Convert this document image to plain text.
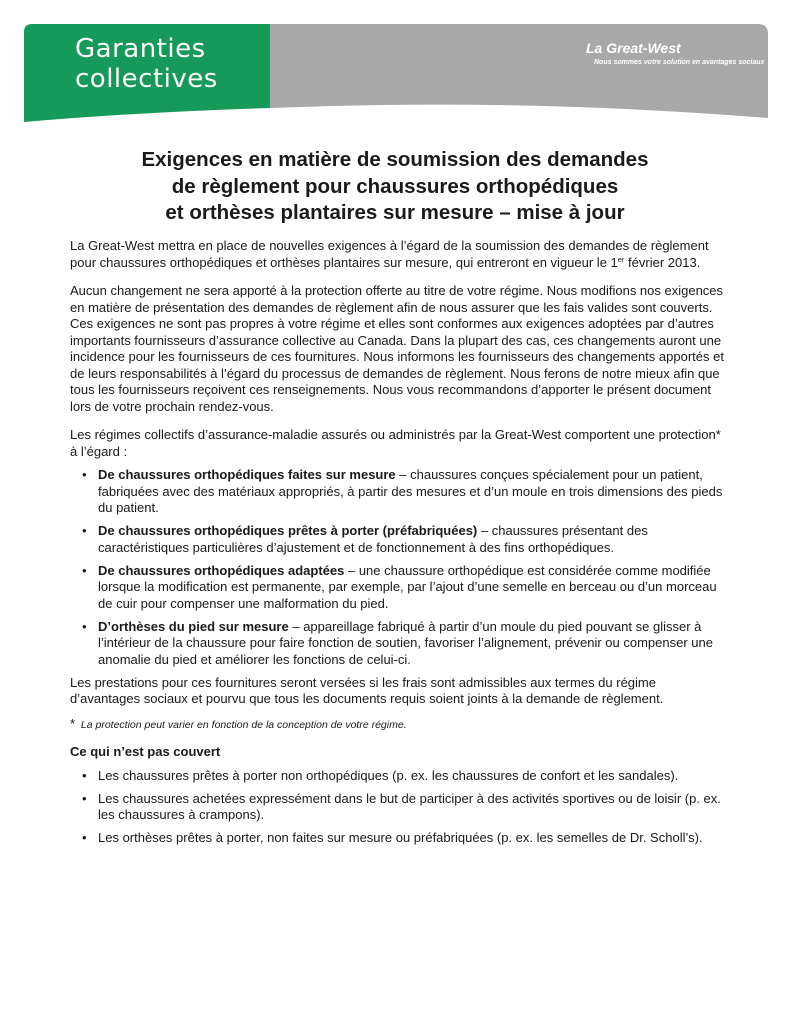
Garanties
collectives
La Great-West
Nous sommes votre solution en avantages sociaux
Exigences en matière de soumission des demandes
de règlement pour chaussures orthopédiques
et orthèses plantaires sur mesure – mise à jour

La Great-West mettra en place de nouvelles exigences à l’égard de la soumission des demandes de règlement pour chaussures orthopédiques et orthèses plantaires sur mesure, qui entreront en vigueur le 1er février 2013.

Aucun changement ne sera apporté à la protection offerte au titre de votre régime. Nous modifions nos exigences en matière de présentation des demandes de règlement afin de nous assurer que les fais valides sont couverts. Ces exigences ne sont pas propres à votre régime et elles sont conformes aux exigences adoptées par d’autres importants fournisseurs d’assurance collective au Canada. Dans la plupart des cas, ces changements auront une incidence pour les fournisseurs de ces fournitures. Nous informons les fournisseurs des changements apportés et de leurs responsabilités à l’égard du processus de demandes de règlement. Nous ferons de notre mieux afin que tous les fournisseurs reçoivent ces renseignements. Nous vous recommandons d’apporter le présent document lors de votre prochain rendez-vous.

Les régimes collectifs d’assurance-maladie assurés ou administrés par la Great-West comportent une protection* à l’égard :

• De chaussures orthopédiques faites sur mesure – chaussures conçues spécialement pour un patient, fabriquées avec des matériaux appropriés, à partir des mesures et d’un moule en trois dimensions des pieds du patient.
• De chaussures orthopédiques prêtes à porter (préfabriquées) – chaussures présentant des caractéristiques particulières d’ajustement et de fonctionnement à des fins orthopédiques.
• De chaussures orthopédiques adaptées – une chaussure orthopédique est considérée comme modifiée lorsque la modification est permanente, par exemple, par l’ajout d’une semelle en berceau ou d’un morceau de cuir pour compenser une malformation du pied.
• D’orthèses du pied sur mesure – appareillage fabriqué à partir d’un moule du pied pouvant se glisser à l’intérieur de la chaussure pour faire fonction de soutien, favoriser l’alignement, prévenir ou compenser une anomalie du pied et améliorer les fonctions de celui-ci.

Les prestations pour ces fournitures seront versées si les frais sont admissibles aux termes du régime d’avantages sociaux et pourvu que tous les documents requis soient joints à la demande de règlement.

* La protection peut varier en fonction de la conception de votre régime.

Ce qui n’est pas couvert

• Les chaussures prêtes à porter non orthopédiques (p. ex. les chaussures de confort et les sandales).
• Les chaussures achetées expressément dans le but de participer à des activités sportives ou de loisir (p. ex. les chaussures à crampons).
• Les orthèses prêtes à porter, non faites sur mesure ou préfabriquées (p. ex. les semelles de Dr. Scholl’s).
